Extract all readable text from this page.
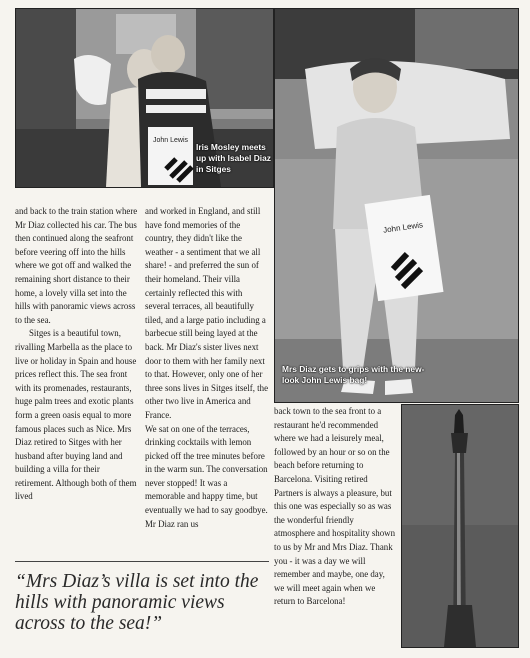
John Lewis
Iris Mosley meets up with Isabel Diaz in Sitges
John Lewis
Mrs Diaz gets to grips with the new-look John Lewis bag!

and back to the train station where Mr Diaz collected his car. The bus then continued along the seafront before veering off into the hills where we got off and walked the remaining short distance to their home, a lovely villa set into the hills with panoramic views across to the sea.

Sitges is a beautiful town, rivalling Marbella as the place to live or holiday in Spain and house prices reflect this. The sea front with its promenades, restaurants, huge palm trees and exotic plants form a green oasis equal to more famous places such as Nice. Mrs Diaz retired to Sitges with her husband after buying land and building a villa for their retirement. Although both of them lived

and worked in England, and still have fond memories of the country, they didn't like the weather - a sentiment that we all share! - and preferred the sun of their homeland. Their villa certainly reflected this with several terraces, all beautifully tiled, and a large patio including a barbecue still being layed at the back. Mr Diaz's sister lives next door to them with her family next to that. However, only one of her three sons lives in Sitges itself, the other two live in America and France.

We sat on one of the terraces, drinking cocktails with lemon picked off the tree minutes before in the warm sun. The conversation never stopped! It was a memorable and happy time, but eventually we had to say goodbye. Mr Diaz ran us

back town to the sea front to a restaurant he'd recommended where we had a leisurely meal, followed by an hour or so on the beach before returning to Barcelona. Visiting retired Partners is always a pleasure, but this one was especially so as was the wonderful friendly atmosphere and hospitality shown to us by Mr and Mrs Diaz. Thank you - it was a day we will remember and maybe, one day, we will meet again when we return to Barcelona!

“Mrs Diaz’s villa is set into the hills with panoramic views across to the sea!”
